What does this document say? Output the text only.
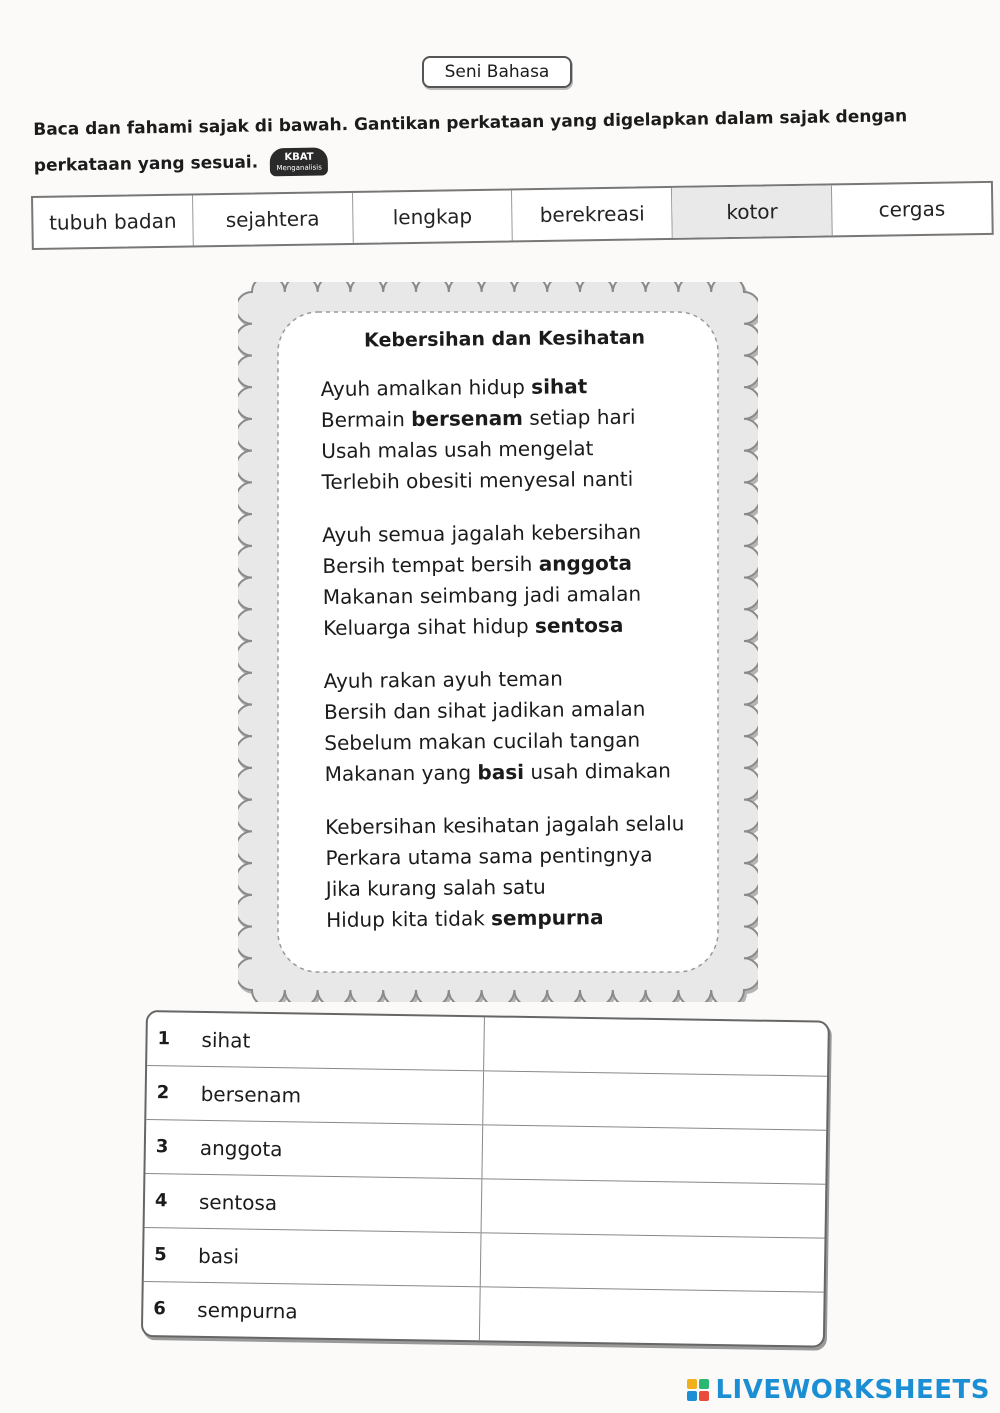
Seni Bahasa
Baca dan fahami sajak di bawah. Gantikan perkataan yang digelapkan dalam sajak dengan
perkataan yang sesuai.	KBAT
Menganalisis
tubuh badan	sejahtera	lengkap	berekreasi	kotor	cergas
Kebersihan dan Kesihatan
Ayuh amalkan hidup sihat
Bermain bersenam setiap hari
Usah malas usah mengelat
Terlebih obesiti menyesal nanti
Ayuh semua jagalah kebersihan
Bersih tempat bersih anggota
Makanan seimbang jadi amalan
Keluarga sihat hidup sentosa
Ayuh rakan ayuh teman
Bersih dan sihat jadikan amalan
Sebelum makan cucilah tangan
Makanan yang basi usah dimakan
Kebersihan kesihatan jagalah selalu
Perkara utama sama pentingnya
Jika kurang salah satu
Hidup kita tidak sempurna
1	sihat
2	bersenam
3	anggota
4	sentosa
5	basi
6	sempurna
LIVEWORKSHEETS
